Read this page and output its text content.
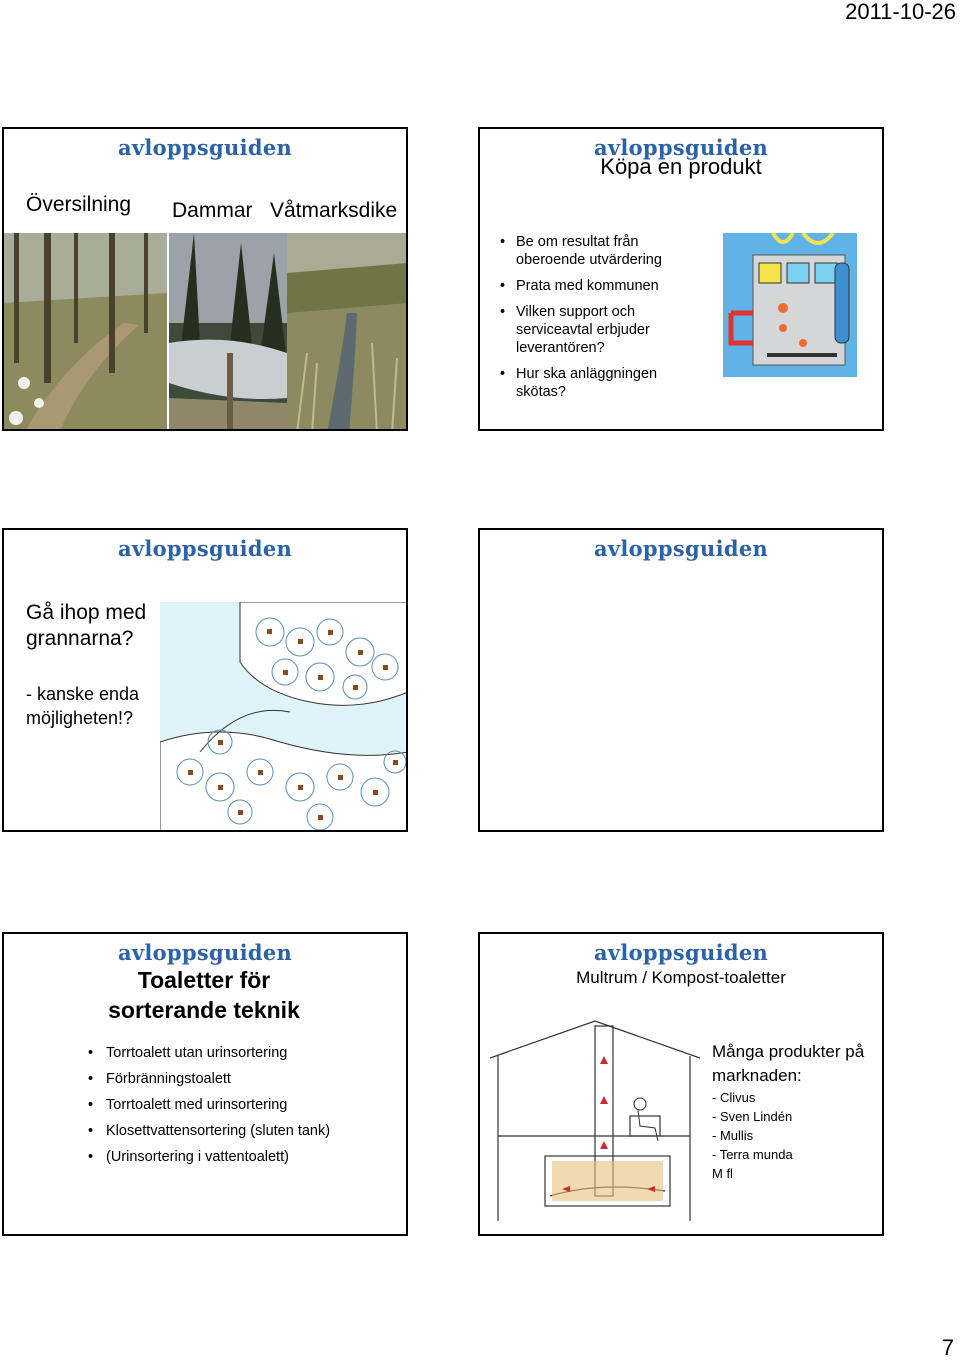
2011-10-26
avloppsguiden
Översilning Dammar Våtmarksdike
avloppsguiden
Köpa en produkt
• Be om resultat från oberoende utvärdering
• Prata med kommunen
• Vilken support och serviceavtal erbjuder leverantören?
• Hur ska anläggningen skötas?
avloppsguiden
Gå ihop med grannarna?
- kanske enda möjligheten!?
avloppsguiden
avloppsguiden
Toaletter för sorterande teknik
• Torrtoalett utan urinsortering
• Förbränningstoalett
• Torrtoalett med urinsortering
• Klosettvattensortering (sluten tank)
• (Urinsortering i vattentoalett)
avloppsguiden
Multrum / Kompost-toaletter
Många produkter på marknaden:
- Clivus
- Sven Lindén
- Mullis
- Terra munda
M fl
7
